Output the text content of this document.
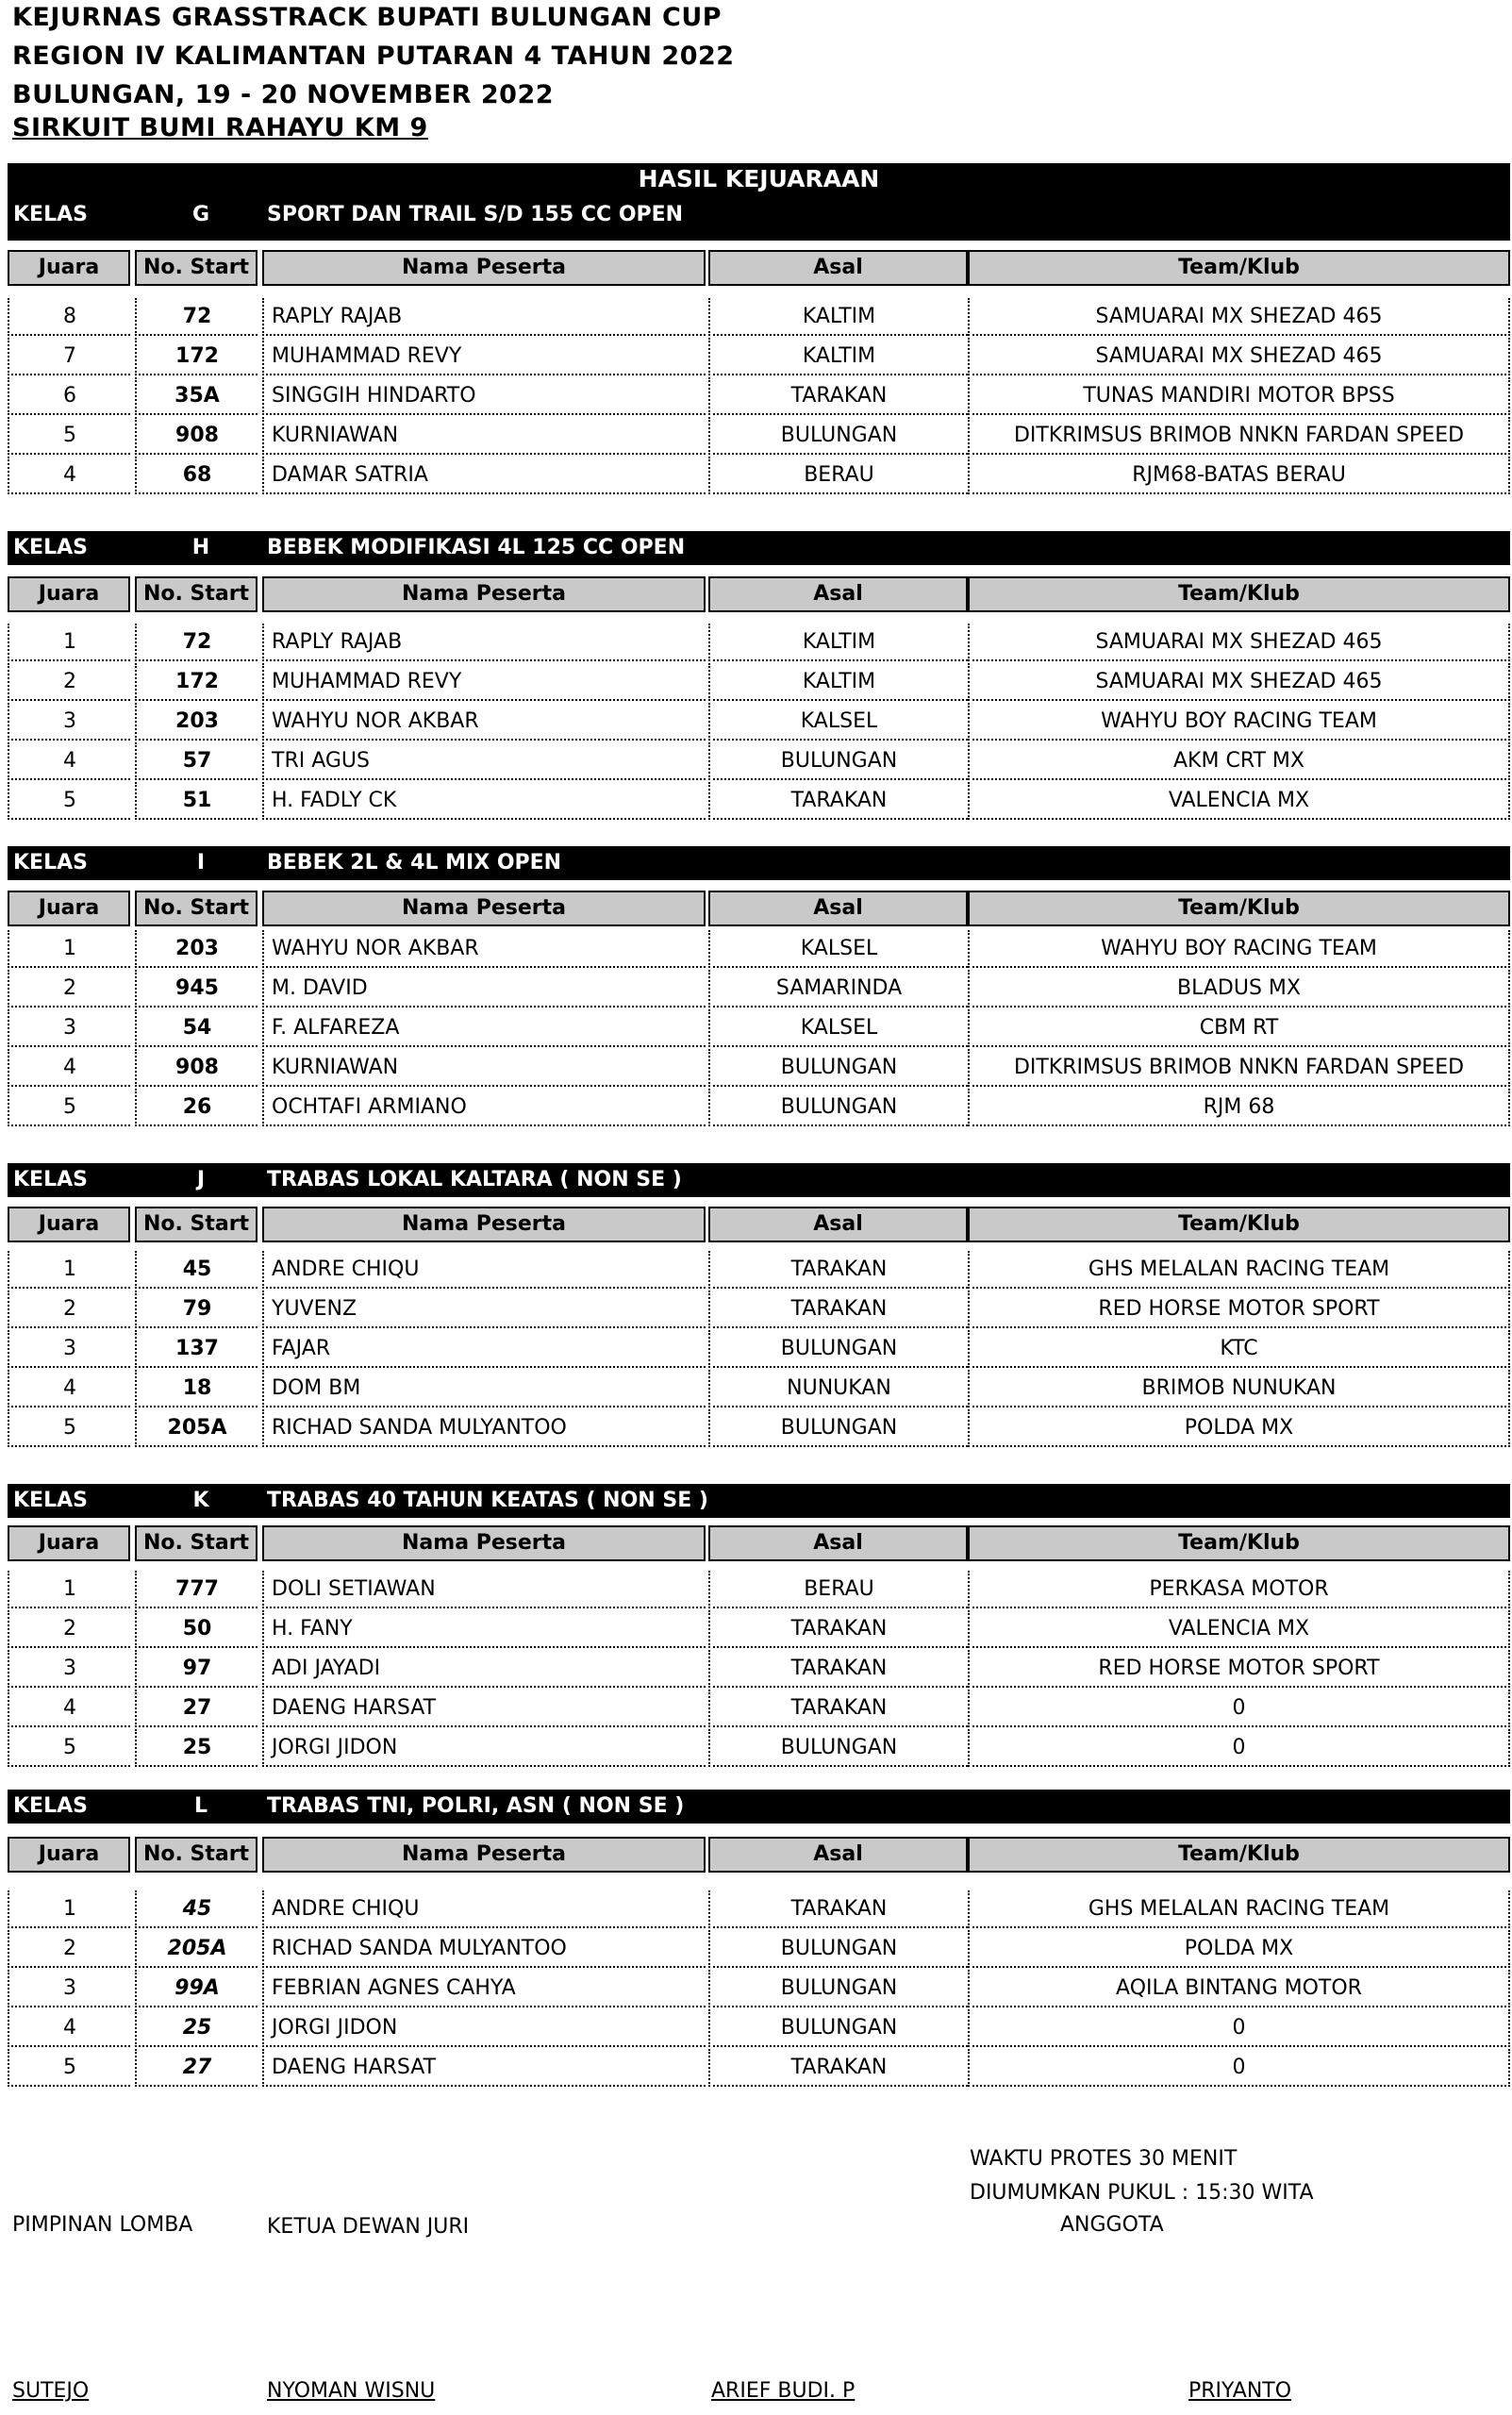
KEJURNAS GRASSTRACK BUPATI BULUNGAN CUP
REGION IV KALIMANTAN PUTARAN 4 TAHUN 2022
BULUNGAN, 19 - 20 NOVEMBER 2022
SIRKUIT BUMI RAHAYU KM 9
HASIL KEJUARAAN
KELAS	G	SPORT DAN TRAIL S/D 155 CC OPEN
Juara	No. Start	Nama Peserta	Asal	Team/Klub
8	72	RAPLY RAJAB	KALTIM	SAMUARAI MX SHEZAD 465
7	172	MUHAMMAD REVY	KALTIM	SAMUARAI MX SHEZAD 465
6	35A	SINGGIH HINDARTO	TARAKAN	TUNAS MANDIRI MOTOR BPSS
5	908	KURNIAWAN	BULUNGAN	DITKRIMSUS BRIMOB NNKN FARDAN SPEED
4	68	DAMAR SATRIA	BERAU	RJM68-BATAS BERAU
KELAS	H	BEBEK MODIFIKASI 4L 125 CC OPEN
Juara	No. Start	Nama Peserta	Asal	Team/Klub
1	72	RAPLY RAJAB	KALTIM	SAMUARAI MX SHEZAD 465
2	172	MUHAMMAD REVY	KALTIM	SAMUARAI MX SHEZAD 465
3	203	WAHYU NOR AKBAR	KALSEL	WAHYU BOY RACING TEAM
4	57	TRI AGUS	BULUNGAN	AKM CRT MX
5	51	H. FADLY CK	TARAKAN	VALENCIA MX
KELAS	I	BEBEK 2L & 4L MIX OPEN
Juara	No. Start	Nama Peserta	Asal	Team/Klub
1	203	WAHYU NOR AKBAR	KALSEL	WAHYU BOY RACING TEAM
2	945	M. DAVID	SAMARINDA	BLADUS MX
3	54	F. ALFAREZA	KALSEL	CBM RT
4	908	KURNIAWAN	BULUNGAN	DITKRIMSUS BRIMOB NNKN FARDAN SPEED
5	26	OCHTAFI ARMIANO	BULUNGAN	RJM 68
KELAS	J	TRABAS LOKAL KALTARA ( NON SE )
Juara	No. Start	Nama Peserta	Asal	Team/Klub
1	45	ANDRE CHIQU	TARAKAN	GHS MELALAN RACING TEAM
2	79	YUVENZ	TARAKAN	RED HORSE MOTOR SPORT
3	137	FAJAR	BULUNGAN	KTC
4	18	DOM BM	NUNUKAN	BRIMOB NUNUKAN
5	205A	RICHAD SANDA MULYANTOO	BULUNGAN	POLDA MX
KELAS	K	TRABAS 40 TAHUN KEATAS ( NON SE )
Juara	No. Start	Nama Peserta	Asal	Team/Klub
1	777	DOLI SETIAWAN	BERAU	PERKASA MOTOR
2	50	H. FANY	TARAKAN	VALENCIA MX
3	97	ADI JAYADI	TARAKAN	RED HORSE MOTOR SPORT
4	27	DAENG HARSAT	TARAKAN	0
5	25	JORGI JIDON	BULUNGAN	0
KELAS	L	TRABAS TNI, POLRI, ASN ( NON SE )
Juara	No. Start	Nama Peserta	Asal	Team/Klub
1	45	ANDRE CHIQU	TARAKAN	GHS MELALAN RACING TEAM
2	205A	RICHAD SANDA MULYANTOO	BULUNGAN	POLDA MX
3	99A	FEBRIAN AGNES CAHYA	BULUNGAN	AQILA BINTANG MOTOR
4	25	JORGI JIDON	BULUNGAN	0
5	27	DAENG HARSAT	TARAKAN	0
WAKTU PROTES 30 MENIT
DIUMUMKAN PUKUL : 15:30 WITA
ANGGOTA
PIMPINAN LOMBA	KETUA DEWAN JURI
SUTEJO	NYOMAN WISNU	ARIEF BUDI. P	PRIYANTO
